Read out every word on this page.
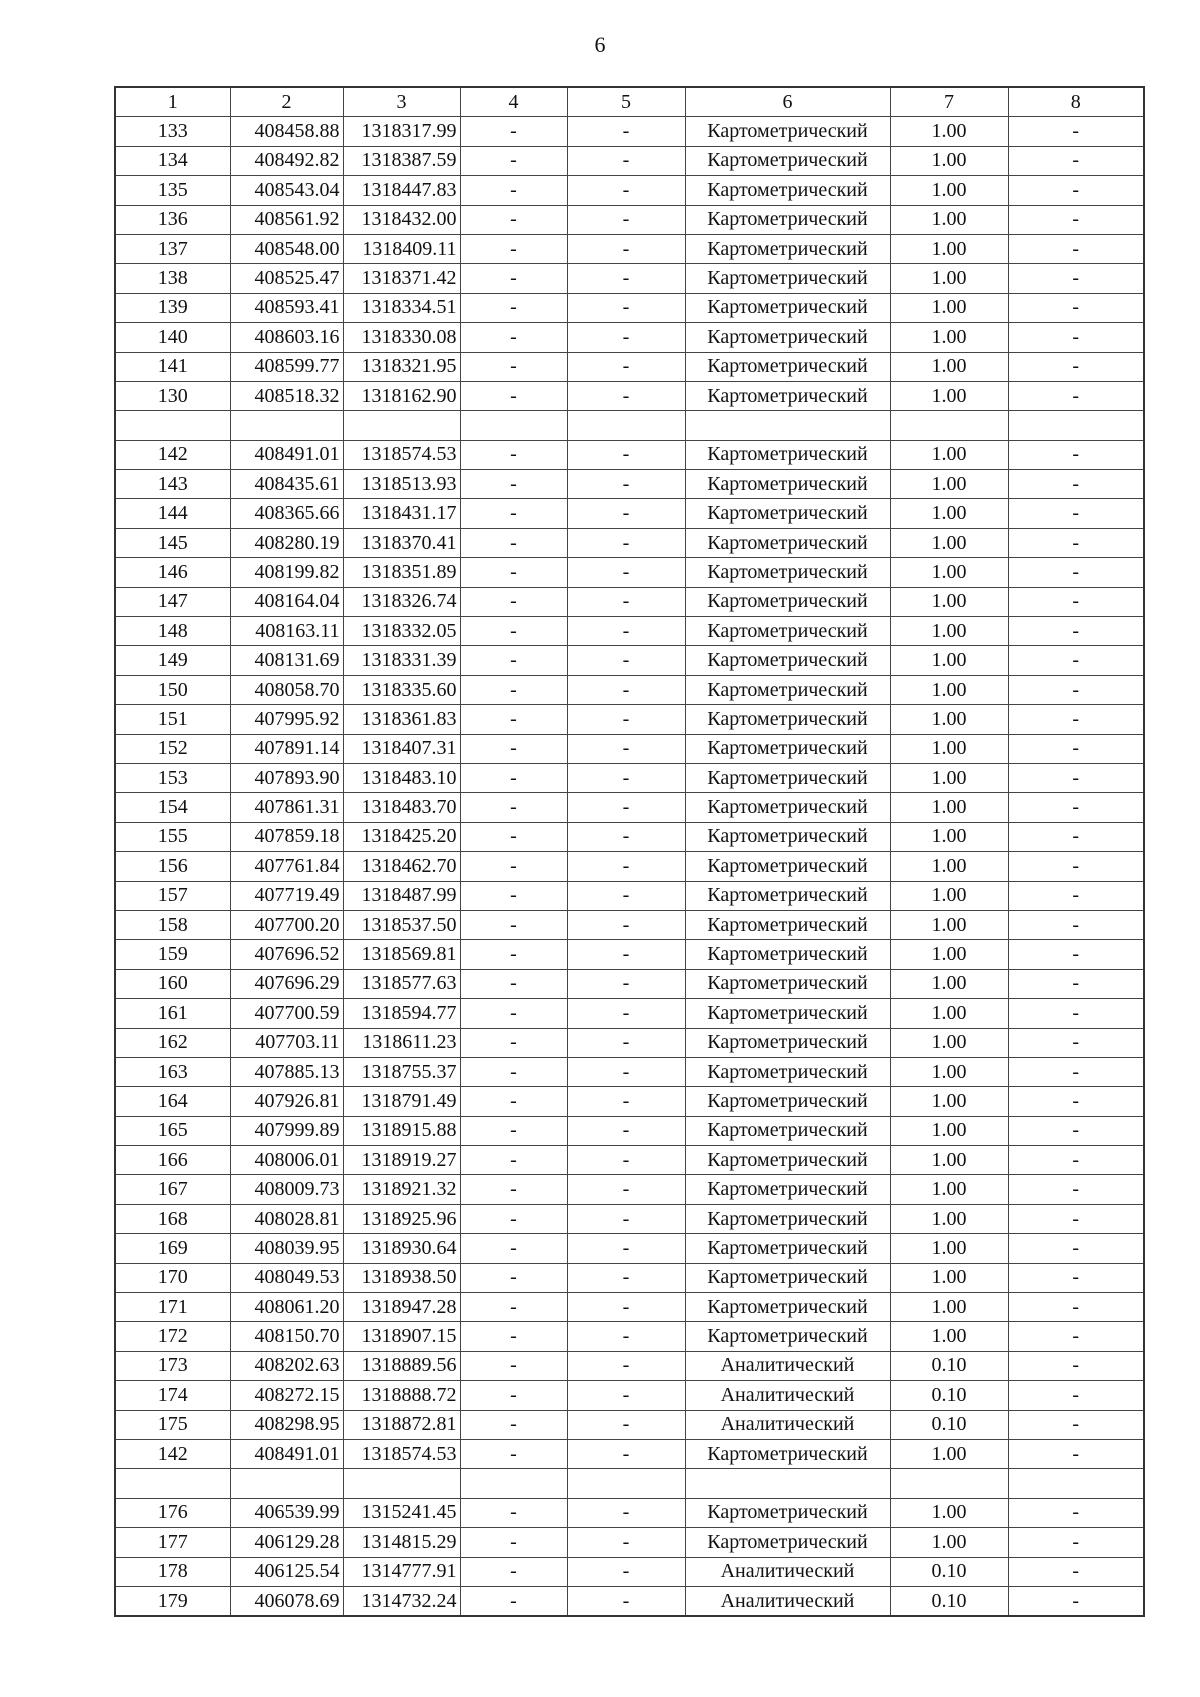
6
1	2	3	4	5	6	7	8
133	408458.88	1318317.99	-	-	Картометрический	1.00	-
134	408492.82	1318387.59	-	-	Картометрический	1.00	-
135	408543.04	1318447.83	-	-	Картометрический	1.00	-
136	408561.92	1318432.00	-	-	Картометрический	1.00	-
137	408548.00	1318409.11	-	-	Картометрический	1.00	-
138	408525.47	1318371.42	-	-	Картометрический	1.00	-
139	408593.41	1318334.51	-	-	Картометрический	1.00	-
140	408603.16	1318330.08	-	-	Картометрический	1.00	-
141	408599.77	1318321.95	-	-	Картометрический	1.00	-
130	408518.32	1318162.90	-	-	Картометрический	1.00	-

142	408491.01	1318574.53	-	-	Картометрический	1.00	-
143	408435.61	1318513.93	-	-	Картометрический	1.00	-
144	408365.66	1318431.17	-	-	Картометрический	1.00	-
145	408280.19	1318370.41	-	-	Картометрический	1.00	-
146	408199.82	1318351.89	-	-	Картометрический	1.00	-
147	408164.04	1318326.74	-	-	Картометрический	1.00	-
148	408163.11	1318332.05	-	-	Картометрический	1.00	-
149	408131.69	1318331.39	-	-	Картометрический	1.00	-
150	408058.70	1318335.60	-	-	Картометрический	1.00	-
151	407995.92	1318361.83	-	-	Картометрический	1.00	-
152	407891.14	1318407.31	-	-	Картометрический	1.00	-
153	407893.90	1318483.10	-	-	Картометрический	1.00	-
154	407861.31	1318483.70	-	-	Картометрический	1.00	-
155	407859.18	1318425.20	-	-	Картометрический	1.00	-
156	407761.84	1318462.70	-	-	Картометрический	1.00	-
157	407719.49	1318487.99	-	-	Картометрический	1.00	-
158	407700.20	1318537.50	-	-	Картометрический	1.00	-
159	407696.52	1318569.81	-	-	Картометрический	1.00	-
160	407696.29	1318577.63	-	-	Картометрический	1.00	-
161	407700.59	1318594.77	-	-	Картометрический	1.00	-
162	407703.11	1318611.23	-	-	Картометрический	1.00	-
163	407885.13	1318755.37	-	-	Картометрический	1.00	-
164	407926.81	1318791.49	-	-	Картометрический	1.00	-
165	407999.89	1318915.88	-	-	Картометрический	1.00	-
166	408006.01	1318919.27	-	-	Картометрический	1.00	-
167	408009.73	1318921.32	-	-	Картометрический	1.00	-
168	408028.81	1318925.96	-	-	Картометрический	1.00	-
169	408039.95	1318930.64	-	-	Картометрический	1.00	-
170	408049.53	1318938.50	-	-	Картометрический	1.00	-
171	408061.20	1318947.28	-	-	Картометрический	1.00	-
172	408150.70	1318907.15	-	-	Картометрический	1.00	-
173	408202.63	1318889.56	-	-	Аналитический	0.10	-
174	408272.15	1318888.72	-	-	Аналитический	0.10	-
175	408298.95	1318872.81	-	-	Аналитический	0.10	-
142	408491.01	1318574.53	-	-	Картометрический	1.00	-

176	406539.99	1315241.45	-	-	Картометрический	1.00	-
177	406129.28	1314815.29	-	-	Картометрический	1.00	-
178	406125.54	1314777.91	-	-	Аналитический	0.10	-
179	406078.69	1314732.24	-	-	Аналитический	0.10	-
